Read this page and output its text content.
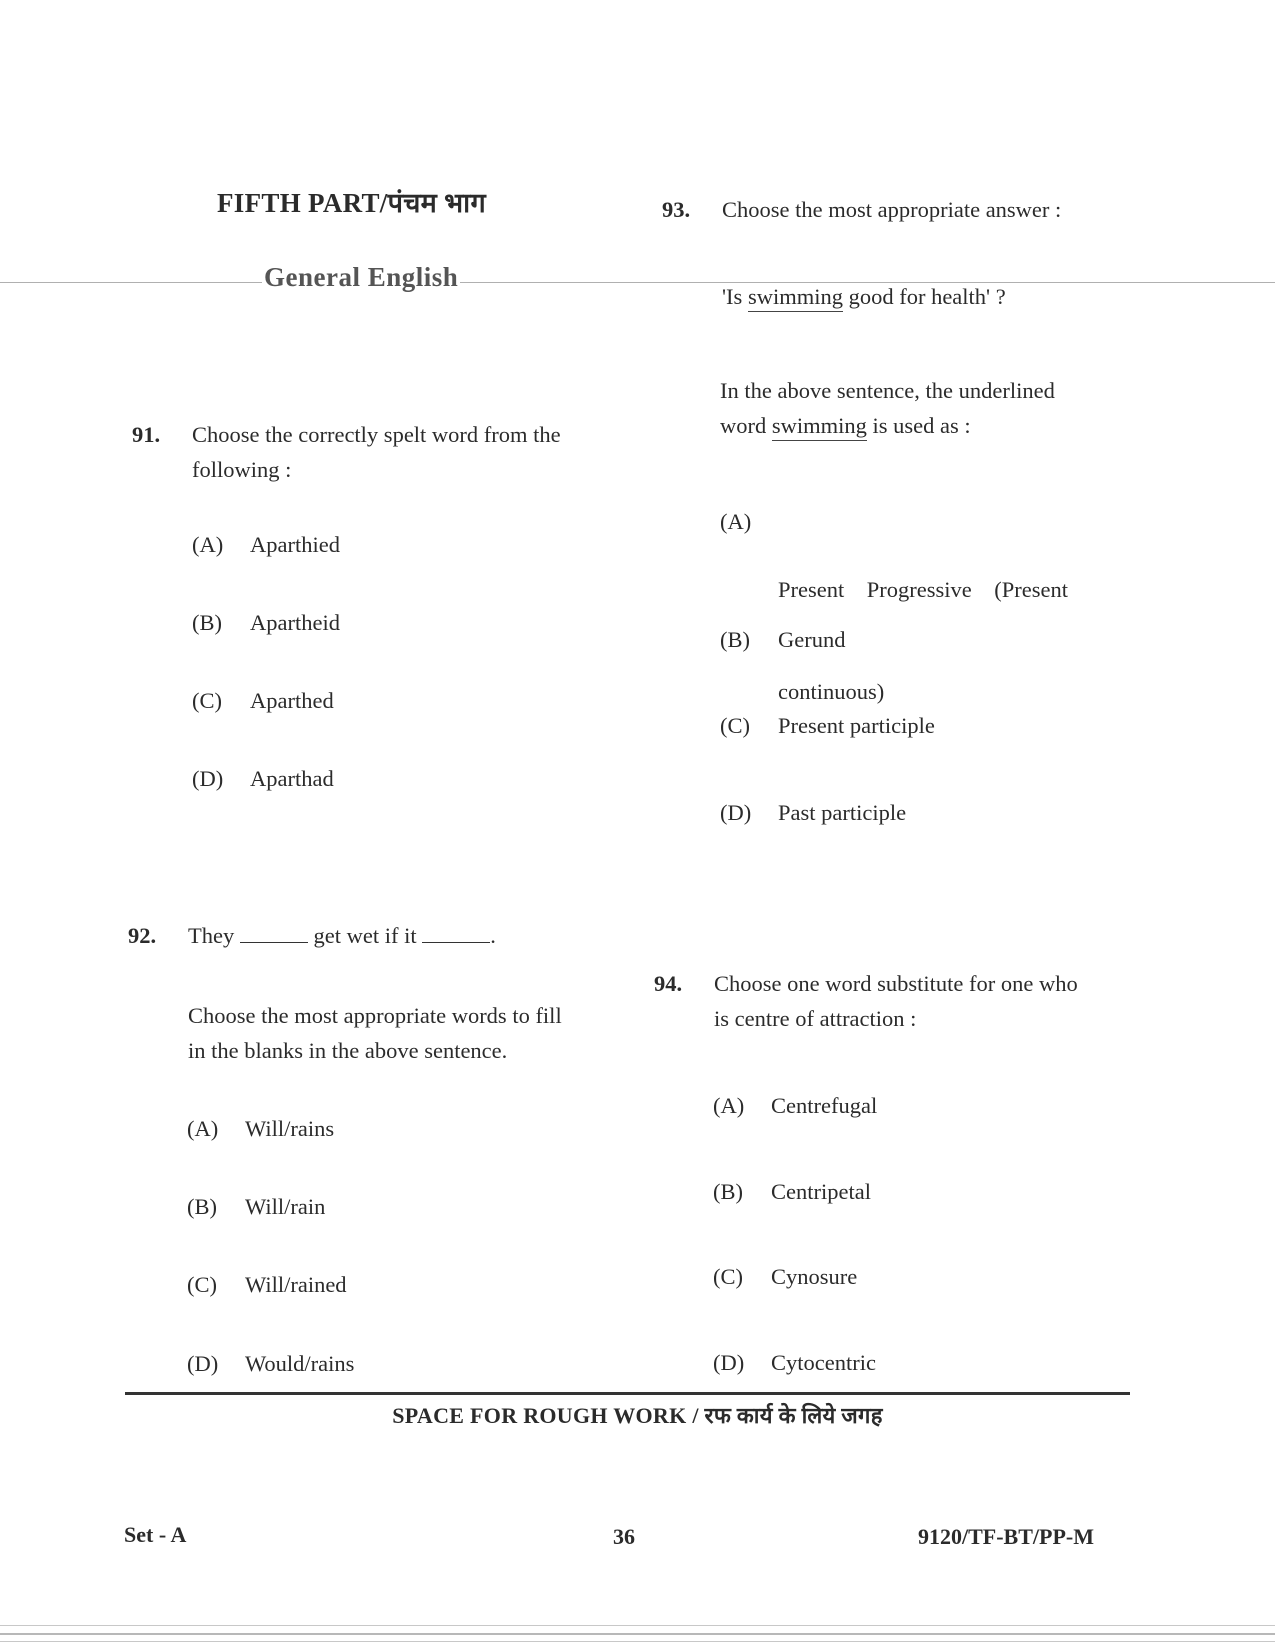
FIFTH PART/पंचम भाग
General English
91. Choose the correctly spelt word from the
following :
(A) Aparthied
(B) Apartheid
(C) Aparthed
(D) Aparthad
92. They	get wet if it	.
Choose the most appropriate words to fill
in the blanks in the above sentence.
(A) Will/rains
(B) Will/rain
(C) Will/rained
(D) Would/rains
93. Choose the most appropriate answer :
'Is swimming good for health' ?
In the above sentence, the underlined
word swimming is used as :
(A)

Present    Progressive    (Present

continuous)

(B) Gerund
(C) Present participle
(D) Past participle
94. Choose one word substitute for one who
is centre of attraction :
(A) Centrefugal
(B) Centripetal
(C) Cynosure
(D) Cytocentric
SPACE FOR ROUGH WORK / रफ कार्य के लिये जगह
Set - A	36	9120/TF-BT/PP-M
